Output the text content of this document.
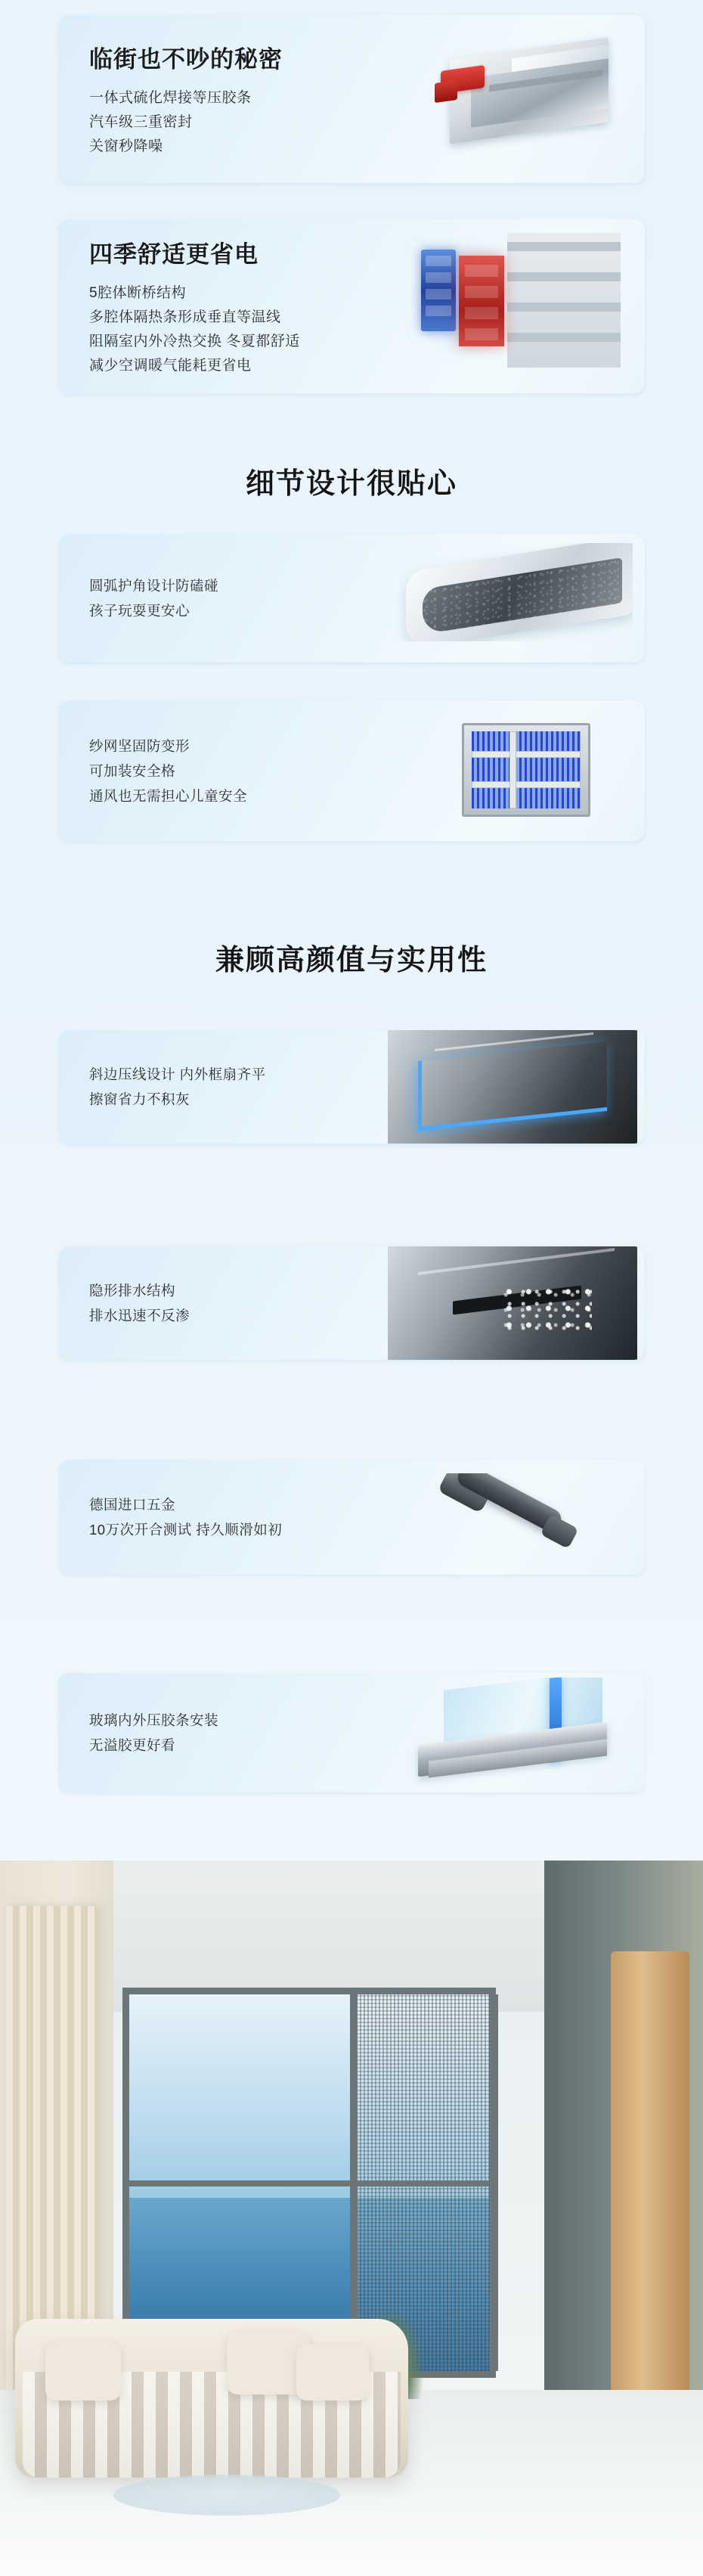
临街也不吵的秘密
一体式硫化焊接等压胶条
汽车级三重密封
关窗秒降噪
四季舒适更省电
5腔体断桥结构
多腔体隔热条形成垂直等温线
阻隔室内外冷热交换 冬夏都舒适
减少空调暖气能耗更省电
细节设计很贴心
圆弧护角设计防磕碰
孩子玩耍更安心
纱网坚固防变形
可加装安全格
通风也无需担心儿童安全
兼顾高颜值与实用性
斜边压线设计 内外框扇齐平
擦窗省力不积灰
隐形排水结构
排水迅速不反渗
德国进口五金
10万次开合测试 持久顺滑如初
玻璃内外压胶条安装
无溢胶更好看
